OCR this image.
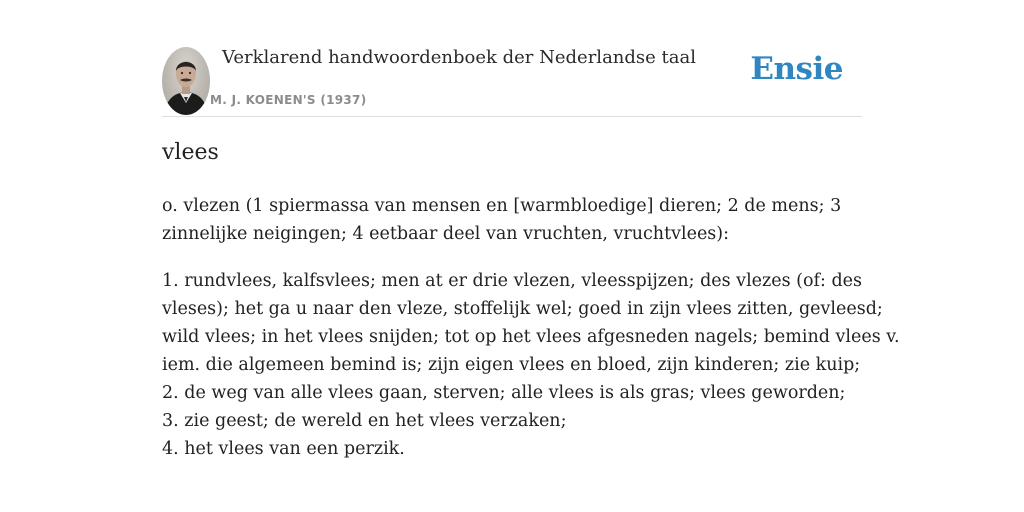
Verklarend handwoordenboek der Nederlandse taal
M. J. KOENEN'S (1937)
Ensie
vlees

o. vlezen (1 spiermassa van mensen en [warmbloedige] dieren; 2 de mens; 3
zinnelijke neigingen; 4 eetbaar deel van vruchten, vruchtvlees):

1. rundvlees, kalfsvlees; men at er drie vlezen, vleesspijzen; des vlezes (of: des
vleses); het ga u naar den vleze, stoffelijk wel; goed in zijn vlees zitten, gevleesd;
wild vlees; in het vlees snijden; tot op het vlees afgesneden nagels; bemind vlees v.
iem. die algemeen bemind is; zijn eigen vlees en bloed, zijn kinderen; zie kuip;
2. de weg van alle vlees gaan, sterven; alle vlees is als gras; vlees geworden;
3. zie geest; de wereld en het vlees verzaken;
4. het vlees van een perzik.
